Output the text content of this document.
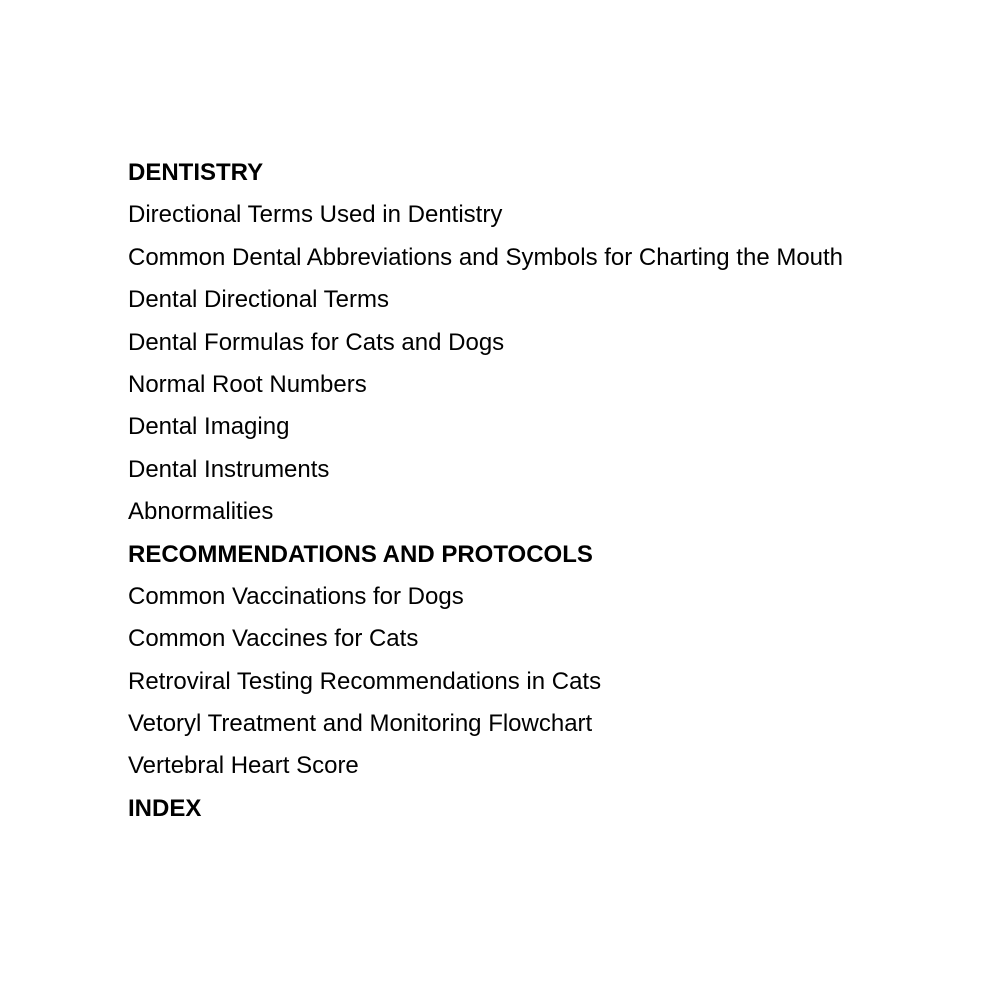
DENTISTRY
Directional Terms Used in Dentistry
Common Dental Abbreviations and Symbols for Charting the Mouth
Dental Directional Terms
Dental Formulas for Cats and Dogs
Normal Root Numbers
Dental Imaging
Dental Instruments
Abnormalities
RECOMMENDATIONS AND PROTOCOLS
Common Vaccinations for Dogs
Common Vaccines for Cats
Retroviral Testing Recommendations in Cats
Vetoryl Treatment and Monitoring Flowchart
Vertebral Heart Score
INDEX
